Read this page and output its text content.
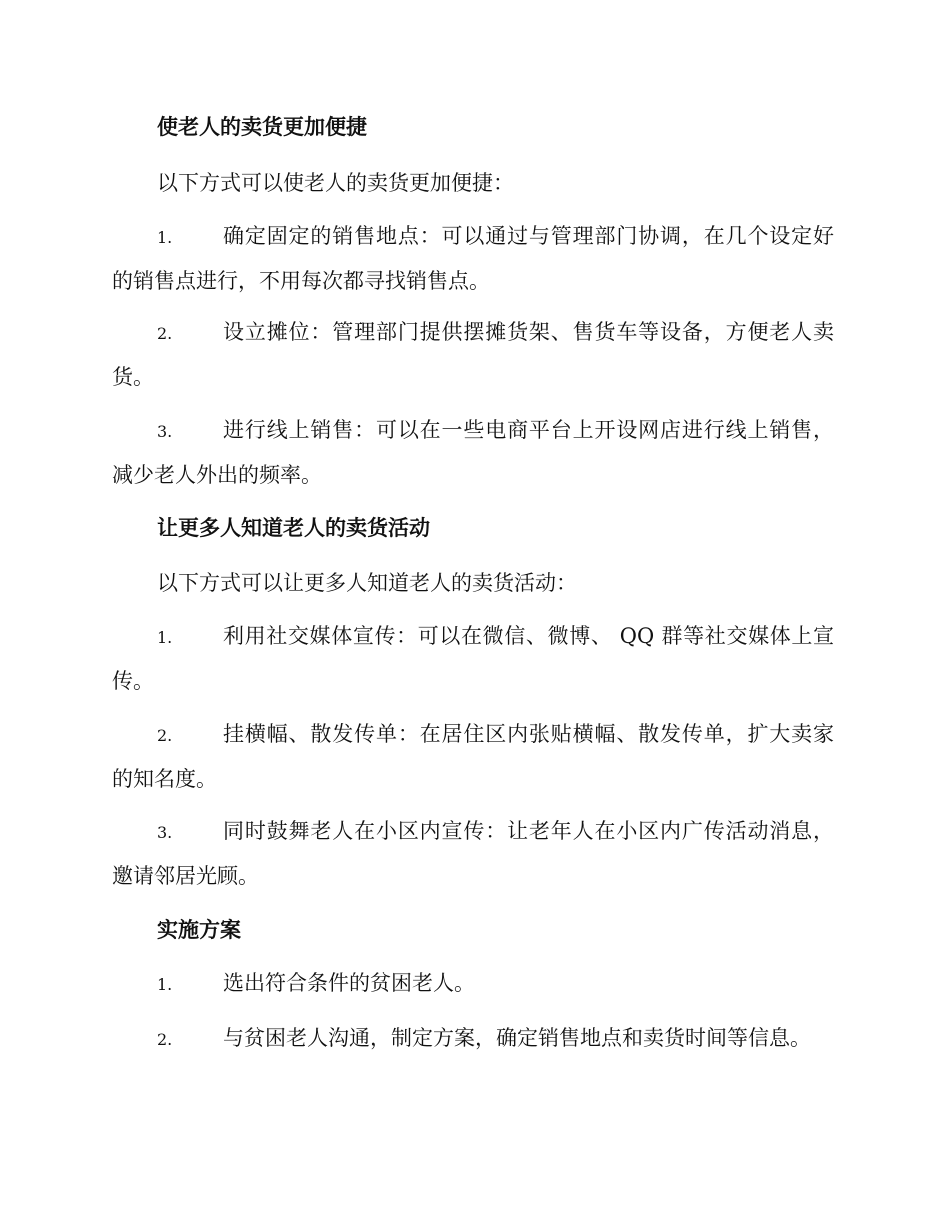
使老人的卖货更加便捷
以下方式可以使老人的卖货更加便捷：
1.	确定固定的销售地点：可以通过与管理部门协调，在几个设定好
的销售点进行，不用每次都寻找销售点。
2.	设立摊位：管理部门提供摆摊货架、售货车等设备，方便老人卖
货。
3.	进行线上销售：可以在一些电商平台上开设网店进行线上销售，
减少老人外出的频率。
让更多人知道老人的卖货活动
以下方式可以让更多人知道老人的卖货活动：
1.	利用社交媒体宣传：可以在微信、微博、 QQ 群等社交媒体上宣
传。
2.	挂横幅、散发传单：在居住区内张贴横幅、散发传单，扩大卖家
的知名度。
3.	同时鼓舞老人在小区内宣传：让老年人在小区内广传活动消息，
邀请邻居光顾。
实施方案
1.	选出符合条件的贫困老人。
2.	与贫困老人沟通，制定方案，确定销售地点和卖货时间等信息。
